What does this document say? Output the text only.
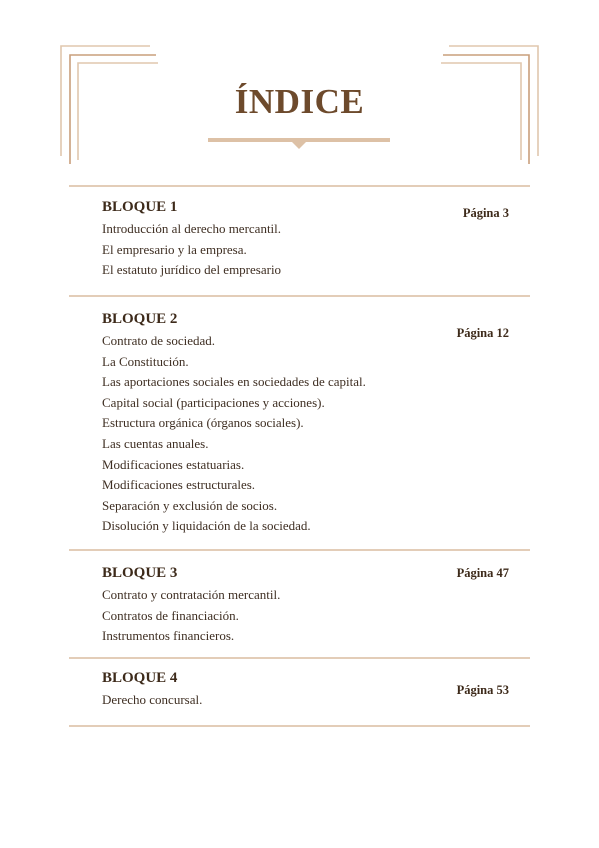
ÍNDICE
BLOQUE 1
Introducción al derecho mercantil.
El empresario y la empresa.
El estatuto jurídico del empresario
Página 3
BLOQUE 2
Contrato de sociedad.
La Constitución.
Las aportaciones sociales en sociedades de capital.
Capital social (participaciones y acciones).
Estructura orgánica (órganos sociales).
Las cuentas anuales.
Modificaciones estatuarias.
Modificaciones estructurales.
Separación y exclusión de socios.
Disolución y liquidación de la sociedad.
Página 12
BLOQUE 3
Contrato y contratación mercantil.
Contratos de financiación.
Instrumentos financieros.
Página 47
BLOQUE 4
Derecho concursal.
Página 53
